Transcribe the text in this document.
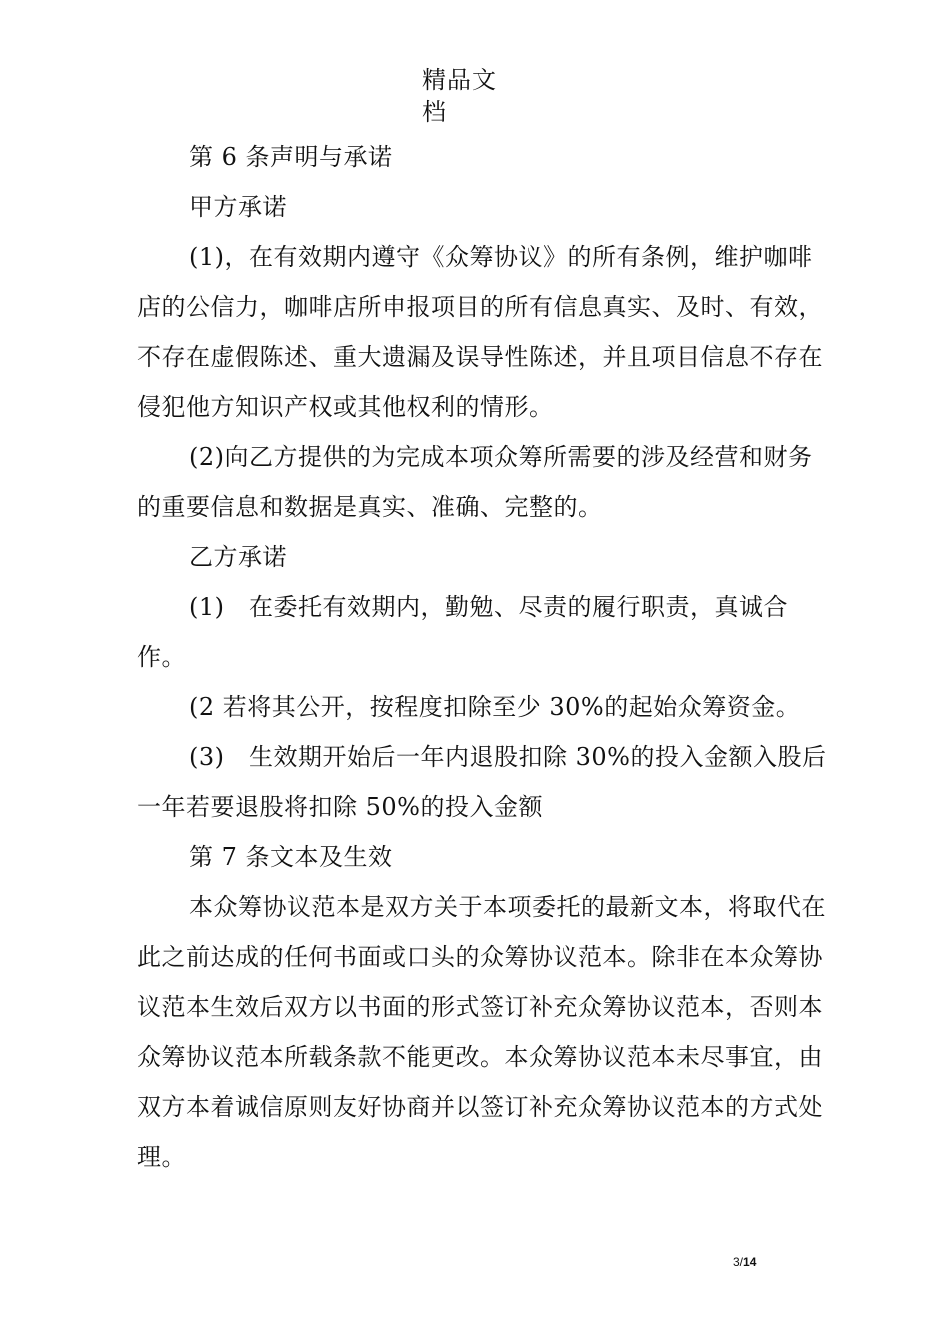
精品文
档

第 6 条声明与承诺

甲方承诺

(1)，在有效期内遵守《众筹协议》的所有条例，维护咖啡店的公信力，咖啡店所申报项目的所有信息真实、及时、有效，不存在虚假陈述、重大遗漏及误导性陈述，并且项目信息不存在侵犯他方知识产权或其他权利的情形。

(2)向乙方提供的为完成本项众筹所需要的涉及经营和财务的重要信息和数据是真实、准确、完整的。

乙方承诺

(1)　在委托有效期内，勤勉、尽责的履行职责，真诚合作。

(2 若将其公开，按程度扣除至少 30%的起始众筹资金。

(3)　生效期开始后一年内退股扣除 30%的投入金额入股后一年若要退股将扣除 50%的投入金额

第 7 条文本及生效

本众筹协议范本是双方关于本项委托的最新文本，将取代在此之前达成的任何书面或口头的众筹协议范本。除非在本众筹协议范本生效后双方以书面的形式签订补充众筹协议范本，否则本众筹协议范本所载条款不能更改。本众筹协议范本未尽事宜，由双方本着诚信原则友好协商并以签订补充众筹协议范本的方式处理。

3/14
